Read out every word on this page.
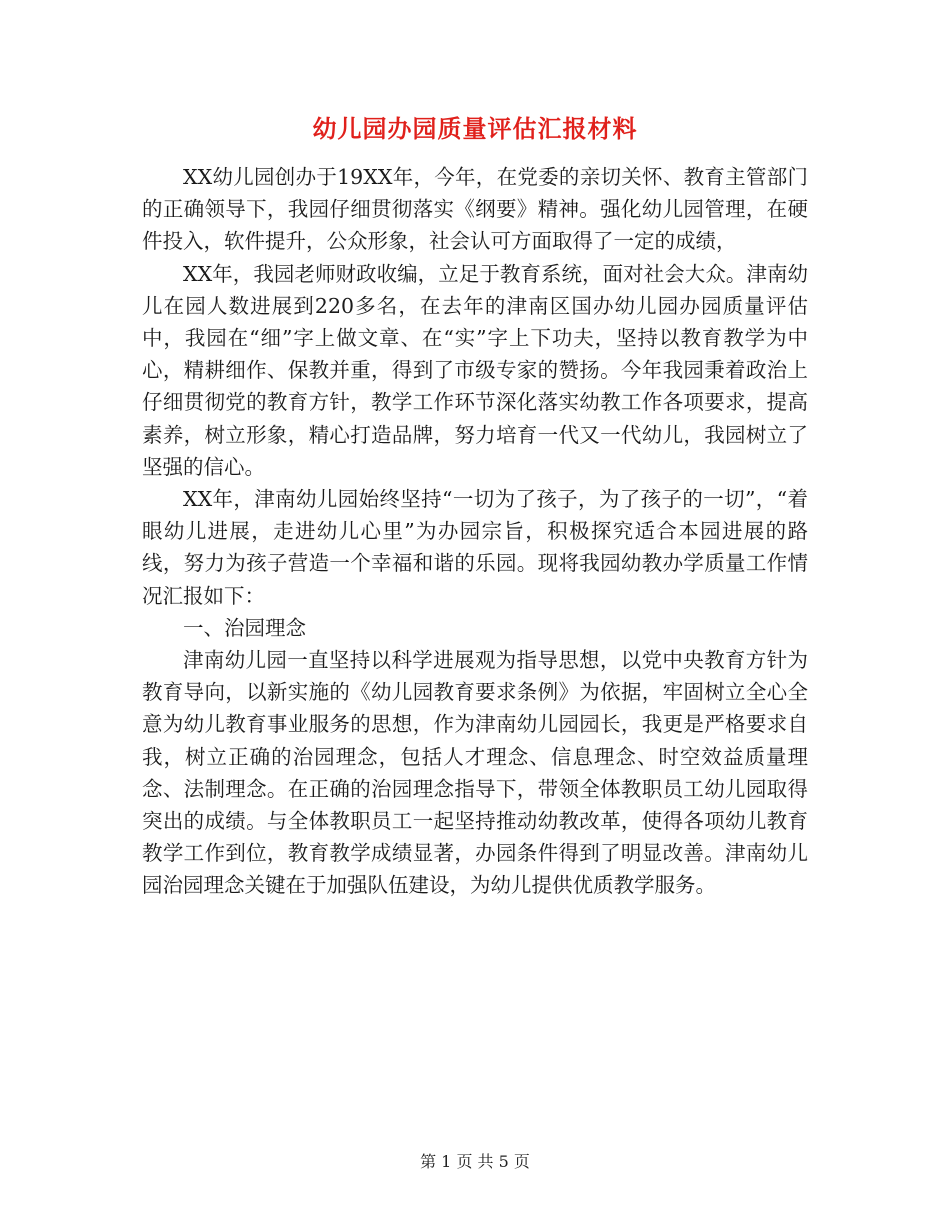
幼儿园办园质量评估汇报材料

XX幼儿园创办于19XX年，今年，在党委的亲切关怀、教育主管部门的正确领导下，我园仔细贯彻落实《纲要》精神。强化幼儿园管理，在硬件投入，软件提升，公众形象，社会认可方面取得了一定的成绩，

XX年，我园老师财政收编，立足于教育系统，面对社会大众。津南幼儿在园人数进展到220多名，在去年的津南区国办幼儿园办园质量评估中，我园在“细”字上做文章、在“实”字上下功夫，坚持以教育教学为中心，精耕细作、保教并重，得到了市级专家的赞扬。今年我园秉着政治上仔细贯彻党的教育方针，教学工作环节深化落实幼教工作各项要求，提高素养，树立形象，精心打造品牌，努力培育一代又一代幼儿，我园树立了坚强的信心。

XX年，津南幼儿园始终坚持“一切为了孩子，为了孩子的一切”，“着眼幼儿进展，走进幼儿心里”为办园宗旨，积极探究适合本园进展的路线，努力为孩子营造一个幸福和谐的乐园。现将我园幼教办学质量工作情况汇报如下：

一、治园理念

津南幼儿园一直坚持以科学进展观为指导思想，以党中央教育方针为教育导向，以新实施的《幼儿园教育要求条例》为依据，牢固树立全心全意为幼儿教育事业服务的思想，作为津南幼儿园园长，我更是严格要求自我，树立正确的治园理念，包括人才理念、信息理念、时空效益质量理念、法制理念。在正确的治园理念指导下，带领全体教职员工幼儿园取得突出的成绩。与全体教职员工一起坚持推动幼教改革，使得各项幼儿教育教学工作到位，教育教学成绩显著，办园条件得到了明显改善。津南幼儿园治园理念关键在于加强队伍建设，为幼儿提供优质教学服务。

第 1 页 共 5 页
